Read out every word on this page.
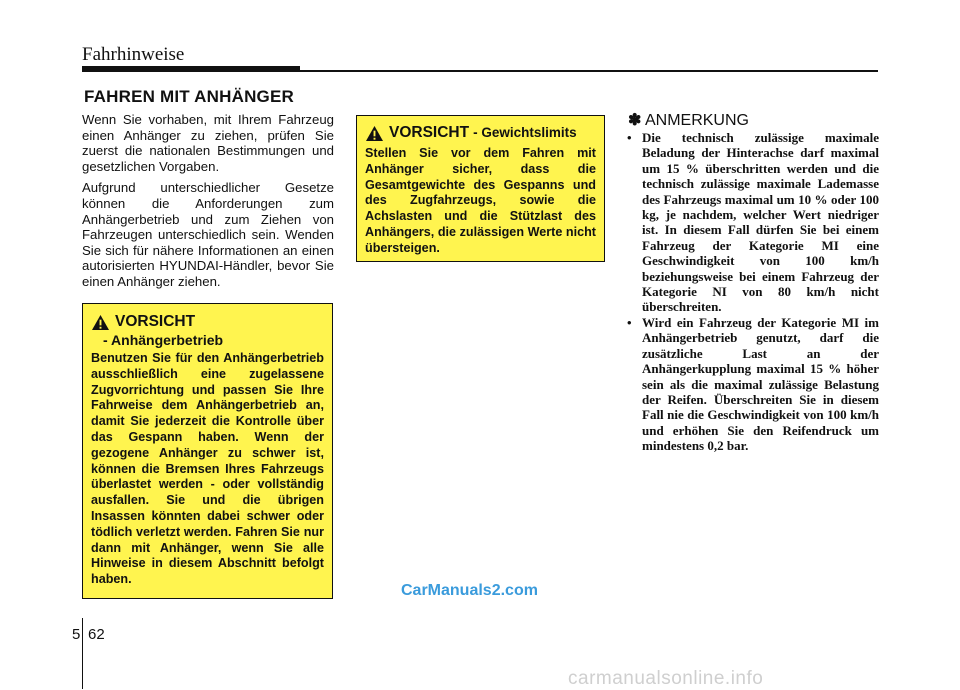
Fahrhinweise
FAHREN MIT ANHÄNGER

Wenn Sie vorhaben, mit Ihrem Fahrzeug einen Anhänger zu ziehen, prüfen Sie zuerst die nationalen Bestimmungen und gesetzlichen Vorgaben.

Aufgrund unterschiedlicher Gesetze können die Anforderungen zum Anhängerbetrieb und zum Ziehen von Fahrzeugen unterschiedlich sein. Wenden Sie sich für nähere Informationen an einen autorisierten HYUNDAI-Händler, bevor Sie einen Anhänger ziehen.

VORSICHT
- Anhängerbetrieb
Benutzen Sie für den Anhängerbetrieb ausschließlich eine zugelassene Zugvorrichtung und passen Sie Ihre Fahrweise dem Anhängerbetrieb an, damit Sie jederzeit die Kontrolle über das Gespann haben. Wenn der gezogene Anhänger zu schwer ist, können die Bremsen Ihres Fahrzeugs überlastet werden - oder vollständig ausfallen. Sie und die übrigen Insassen könnten dabei schwer oder tödlich verletzt werden. Fahren Sie nur dann mit Anhänger, wenn Sie alle Hinweise in diesem Abschnitt befolgt haben.
VORSICHT - Gewichtslimits
Stellen Sie vor dem Fahren mit Anhänger sicher, dass die Gesamtgewichte des Gespanns und des Zugfahrzeugs, sowie die Achslasten und die Stützlast des Anhängers, die zulässigen Werte nicht übersteigen.
✽ ANMERKUNG
• Die technisch zulässige maximale Beladung der Hinterachse darf maximal um 15 % überschritten werden und die technisch zulässige maximale Lademasse des Fahrzeugs maximal um 10 % oder 100 kg, je nachdem, welcher Wert niedriger ist. In diesem Fall dürfen Sie bei einem Fahrzeug der Kategorie MI eine Geschwindigkeit von 100 km/h beziehungsweise bei einem Fahrzeug der Kategorie NI von 80 km/h nicht überschreiten.
• Wird ein Fahrzeug der Kategorie MI im Anhängerbetrieb genutzt, darf die zusätzliche Last an der Anhängerkupplung maximal 15 % höher sein als die maximal zulässige Belastung der Reifen. Überschreiten Sie in diesem Fall nie die Geschwindigkeit von 100 km/h und erhöhen Sie den Reifendruck um mindestens 0,2 bar.
CarManuals2.com
5 62
carmanualsonline.info
